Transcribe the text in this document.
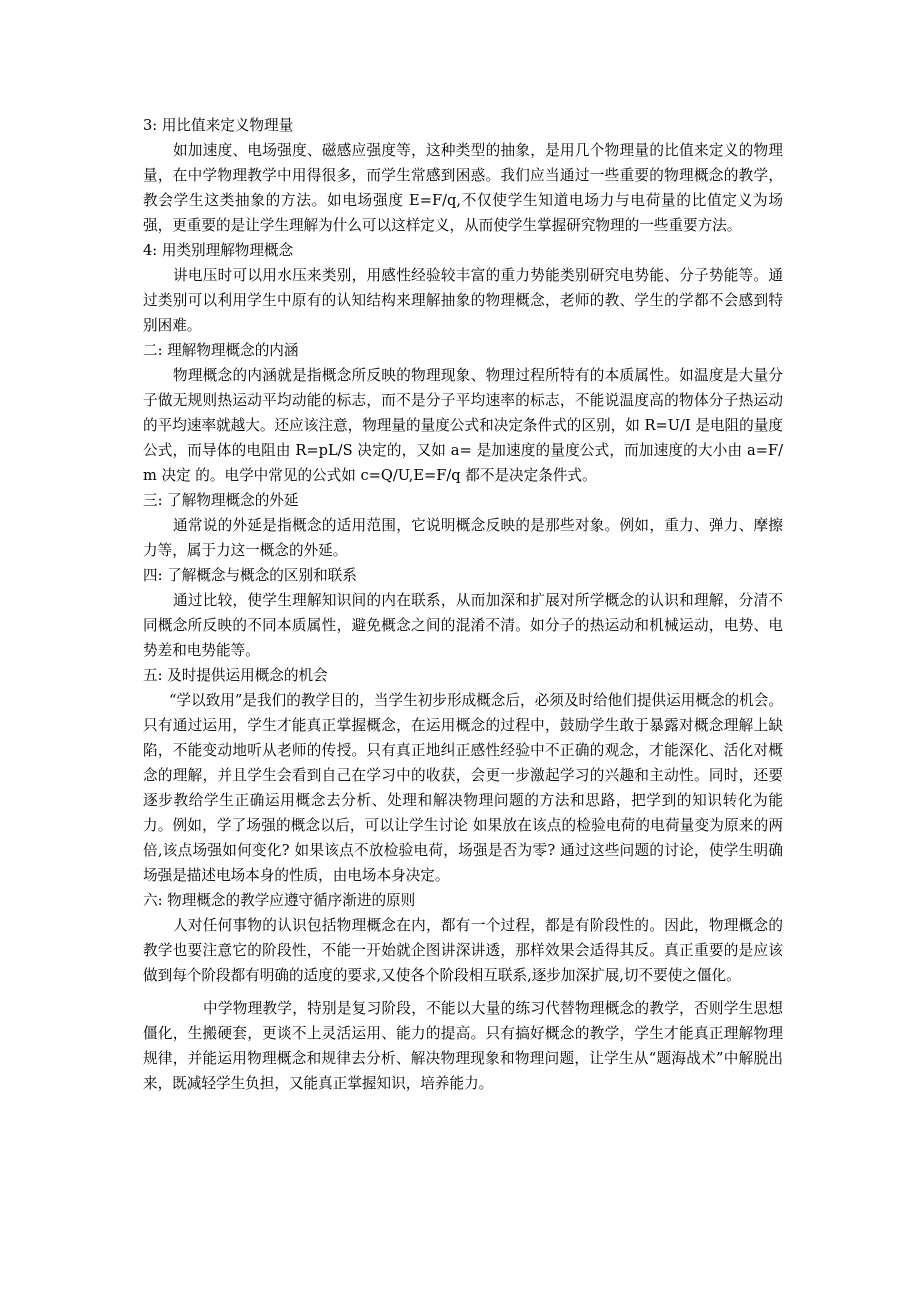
3: 用比值来定义物理量

如加速度、电场强度、磁感应强度等，这种类型的抽象，是用几个物理量的比值来定义的物理量，在中学物理教学中用得很多，而学生常感到困惑。我们应当通过一些重要的物理概念的教学，教会学生这类抽象的方法。如电场强度 E=F/q,不仅使学生知道电场力与电荷量的比值定义为场强，更重要的是让学生理解为什么可以这样定义，从而使学生掌握研究物理的一些重要方法。

4: 用类别理解物理概念

讲电压时可以用水压来类别，用感性经验较丰富的重力势能类别研究电势能、分子势能等。通过类别可以利用学生中原有的认知结构来理解抽象的物理概念，老师的教、学生的学都不会感到特别困难。

二: 理解物理概念的内涵

物理概念的内涵就是指概念所反映的物理现象、物理过程所特有的本质属性。如温度是大量分子做无规则热运动平均动能的标志，而不是分子平均速率的标志，不能说温度高的物体分子热运动的平均速率就越大。还应该注意，物理量的量度公式和决定条件式的区别，如 R=U/I 是电阻的量度公式，而导体的电阻由 R=pL/S 决定的，又如 a= 是加速度的量度公式，而加速度的大小由 a=F/m 决定 的。电学中常见的公式如 c=Q/U,E=F/q 都不是决定条件式。

三: 了解物理概念的外延

通常说的外延是指概念的适用范围，它说明概念反映的是那些对象。例如，重力、弹力、摩擦力等，属于力这一概念的外延。

四: 了解概念与概念的区别和联系

通过比较，使学生理解知识间的内在联系，从而加深和扩展对所学概念的认识和理解，分清不同概念所反映的不同本质属性，避免概念之间的混淆不清。如分子的热运动和机械运动，电势、电势差和电势能等。

五: 及时提供运用概念的机会

“学以致用”是我们的教学目的，当学生初步形成概念后，必须及时给他们提供运用概念的机会。只有通过运用，学生才能真正掌握概念，在运用概念的过程中，鼓励学生敢于暴露对概念理解上缺陷，不能变动地听从老师的传授。只有真正地纠正感性经验中不正确的观念，才能深化、活化对概念的理解，并且学生会看到自己在学习中的收获，会更一步激起学习的兴趣和主动性。同时，还要逐步教给学生正确运用概念去分析、处理和解决物理问题的方法和思路，把学到的知识转化为能力。例如，学了场强的概念以后，可以让学生讨论 如果放在该点的检验电荷的电荷量变为原来的两倍,该点场强如何变化? 如果该点不放检验电荷，场强是否为零? 通过这些问题的讨论，使学生明确场强是描述电场本身的性质，由电场本身决定。

六: 物理概念的教学应遵守循序渐进的原则

人对任何事物的认识包括物理概念在内，都有一个过程，都是有阶段性的。因此，物理概念的教学也要注意它的阶段性，不能一开始就企图讲深讲透，那样效果会适得其反。真正重要的是应该做到每个阶段都有明确的适度的要求,又使各个阶段相互联系,逐步加深扩展,切不要使之僵化。

中学物理教学，特别是复习阶段，不能以大量的练习代替物理概念的教学，否则学生思想僵化，生搬硬套，更谈不上灵活运用、能力的提高。只有搞好概念的教学，学生才能真正理解物理规律，并能运用物理概念和规律去分析、解决物理现象和物理问题，让学生从“题海战术”中解脱出来，既减轻学生负担，又能真正掌握知识，培养能力。
